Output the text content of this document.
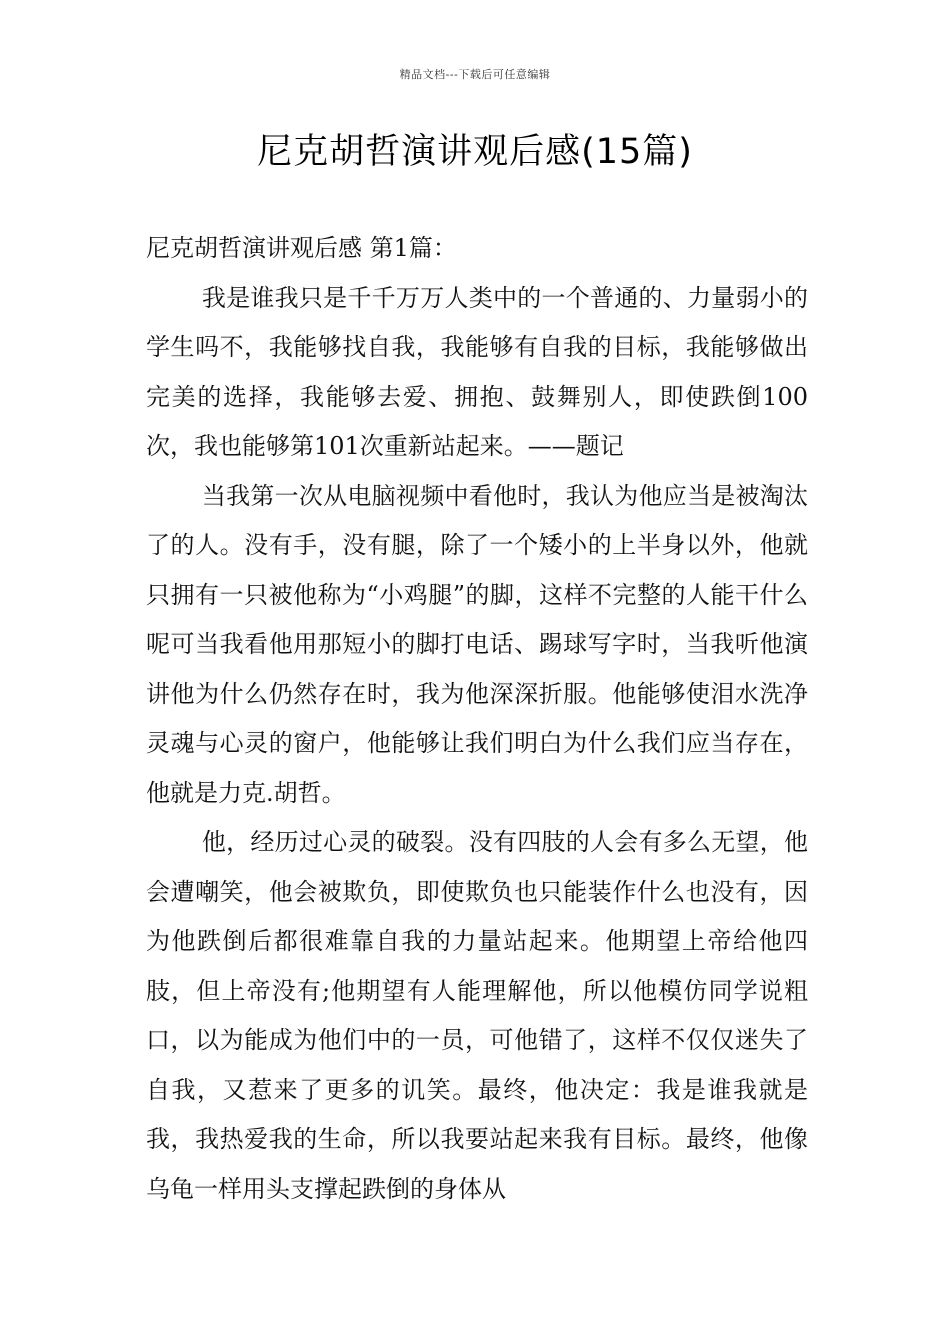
精品文档---下载后可任意编辑
尼克胡哲演讲观后感(15篇)

尼克胡哲演讲观后感 第1篇：

我是谁我只是千千万万人类中的一个普通的、力量弱小的学生吗不，我能够找自我，我能够有自我的目标，我能够做出完美的选择，我能够去爱、拥抱、鼓舞别人，即使跌倒100次，我也能够第101次重新站起来。——题记

当我第一次从电脑视频中看他时，我认为他应当是被淘汰了的人。没有手，没有腿，除了一个矮小的上半身以外，他就只拥有一只被他称为“小鸡腿”的脚，这样不完整的人能干什么呢可当我看他用那短小的脚打电话、踢球写字时，当我听他演讲他为什么仍然存在时，我为他深深折服。他能够使泪水洗净灵魂与心灵的窗户，他能够让我们明白为什么我们应当存在，他就是力克.胡哲。

他，经历过心灵的破裂。没有四肢的人会有多么无望，他会遭嘲笑，他会被欺负，即使欺负也只能装作什么也没有，因为他跌倒后都很难靠自我的力量站起来。他期望上帝给他四肢，但上帝没有;他期望有人能理解他，所以他模仿同学说粗口，以为能成为他们中的一员，可他错了，这样不仅仅迷失了自我，又惹来了更多的讥笑。最终，他决定：我是谁我就是我，我热爱我的生命，所以我要站起来我有目标。最终，他像乌龟一样用头支撑起跌倒的身体从
